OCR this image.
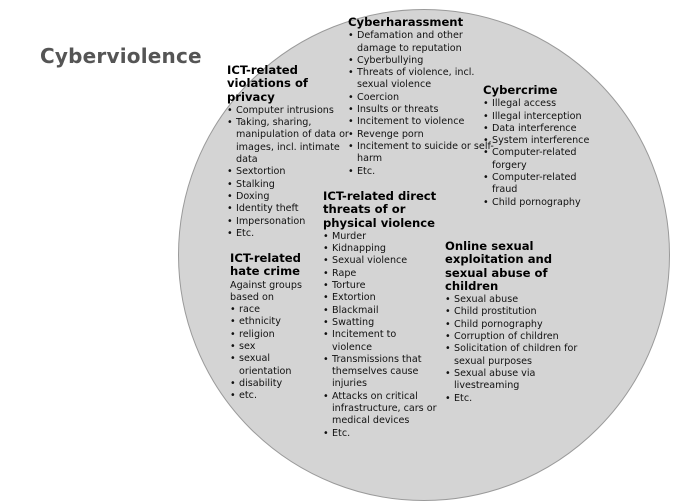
Cyberviolence
ICT-related violations of privacy
• Computer intrusions
• Taking, sharing, manipulation of data or images, incl. intimate data
• Sextortion
• Stalking
• Doxing
• Identity theft
• Impersonation
• Etc.
Cyberharassment
• Defamation and other damage to reputation
• Cyberbullying
• Threats of violence, incl. sexual violence
• Coercion
• Insults or threats
• Incitement to violence
• Revenge porn
• Incitement to suicide or self-harm
• Etc.
Cybercrime
• Illegal access
• Illegal interception
• Data interference
• System interference
• Computer-related forgery
• Computer-related fraud
• Child pornography
ICT-related direct threats of or physical violence
• Murder
• Kidnapping
• Sexual violence
• Rape
• Torture
• Extortion
• Blackmail
• Swatting
• Incitement to violence
• Transmissions that themselves cause injuries
• Attacks on critical infrastructure, cars or medical devices
• Etc.
ICT-related hate crime

Against groups based on

• race
• ethnicity
• religion
• sex
• sexual orientation
• disability
• etc.
Online sexual exploitation and sexual abuse of children
• Sexual abuse
• Child prostitution
• Child pornography
• Corruption of children
• Solicitation of children for sexual purposes
• Sexual abuse via livestreaming
• Etc.
